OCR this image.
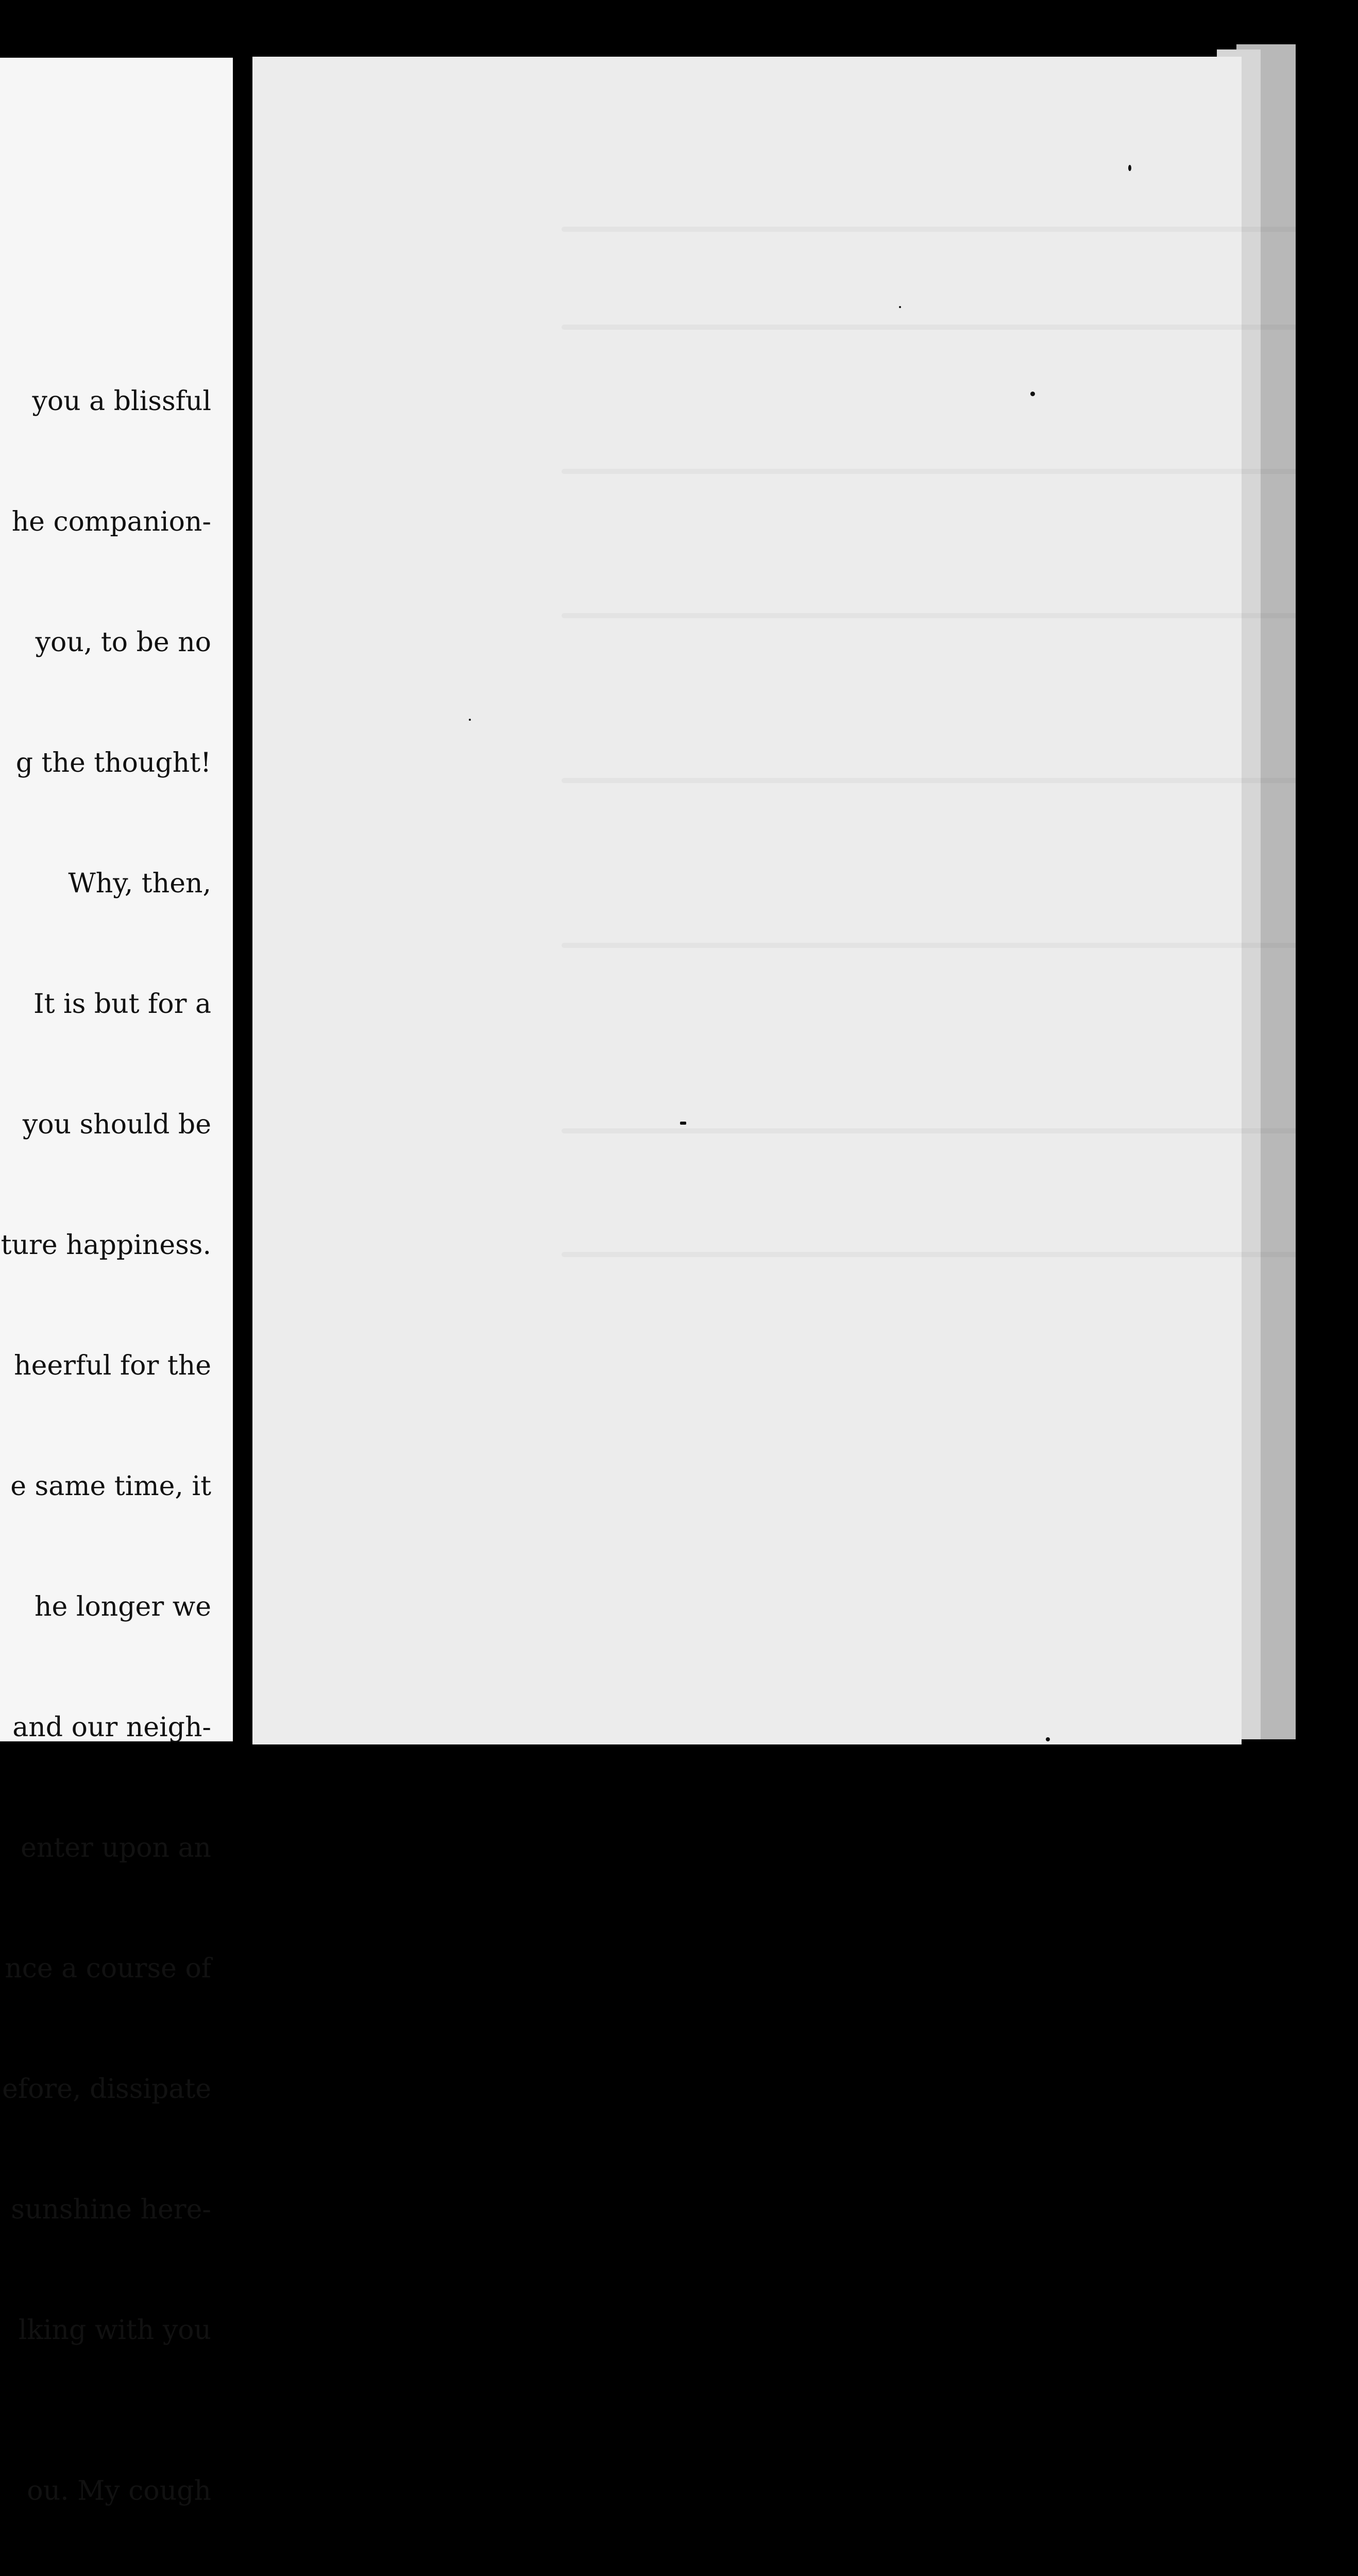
you a blissful

he companion-

you, to be no

g the thought!

Why, then,

It is but for a

you should be

ture happiness.

heerful for the

e same time, it

he longer we

and our neigh-

enter upon an

nce a course of

efore, dissipate

sunshine here-

lking with you

ou. My cough
